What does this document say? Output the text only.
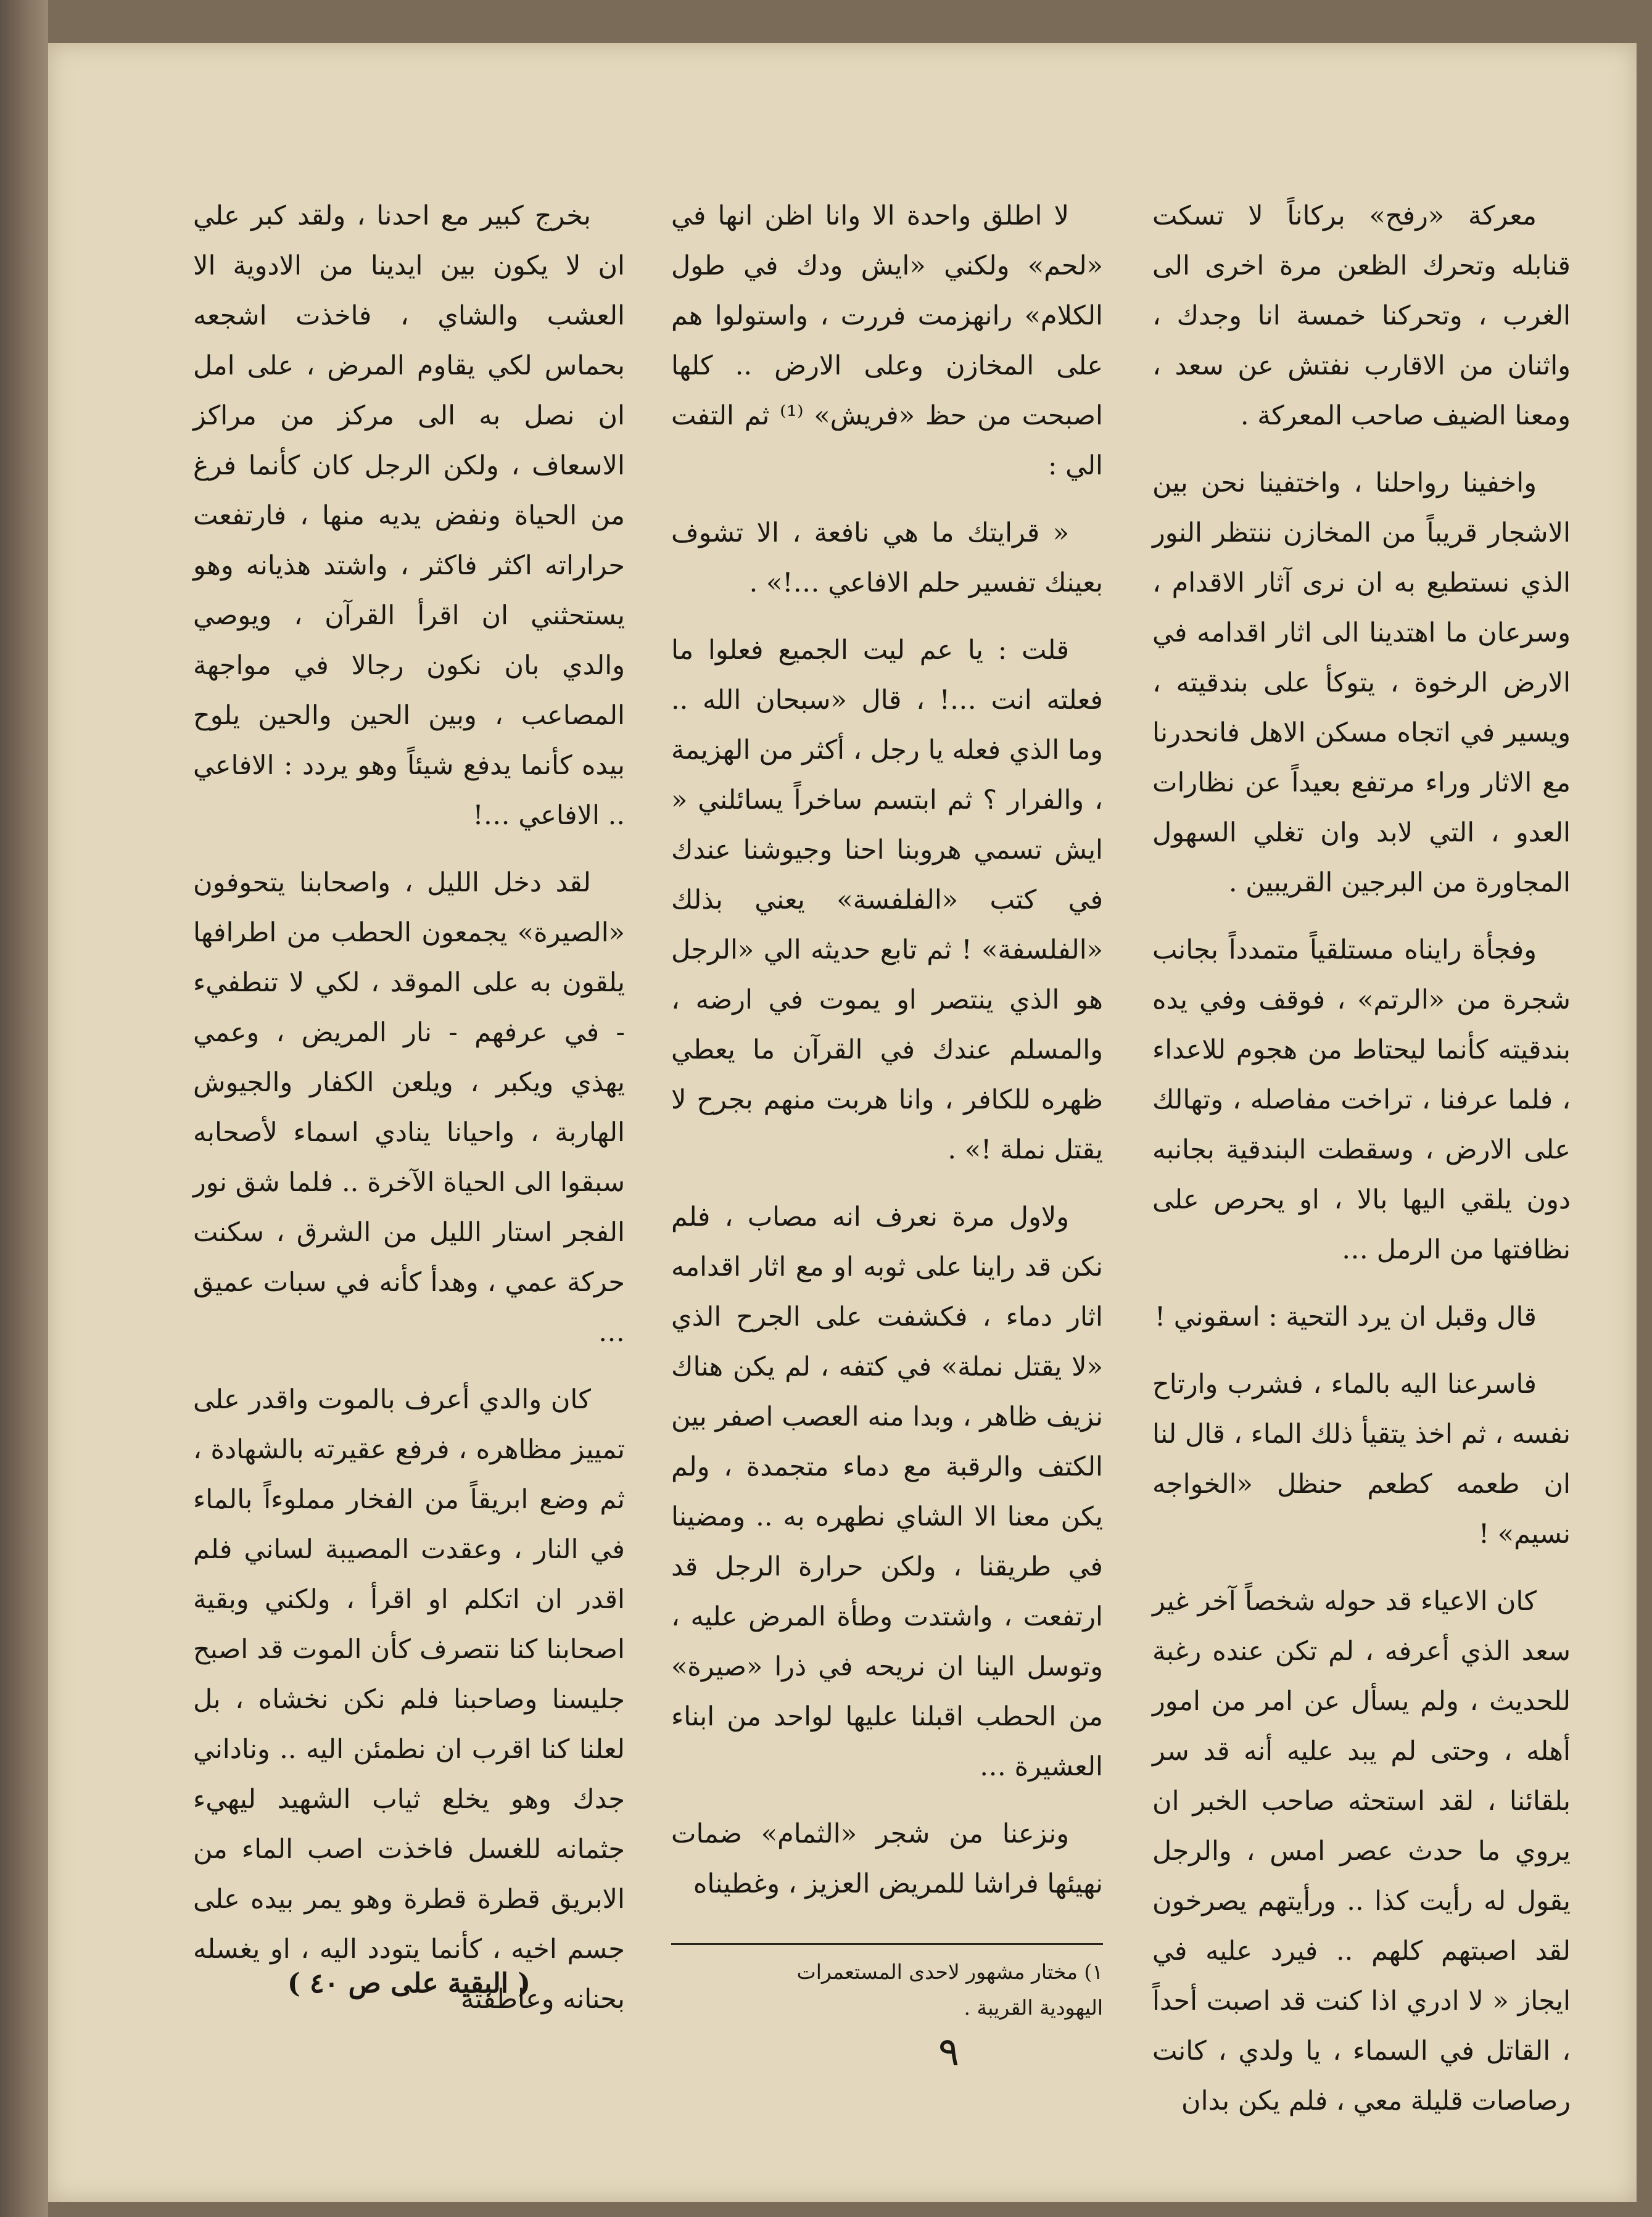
معركة «رفح» بركاناً لا تسكت قنابله وتحرك الظعن مرة اخرى الى الغرب ، وتحركنا خمسة انا وجدك ، واثنان من الاقارب نفتش عن سعد ، ومعنا الضيف صاحب المعركة .

واخفينا رواحلنا ، واختفينا نحن بين الاشجار قريباً من المخازن ننتظر النور الذي نستطيع به ان نرى آثار الاقدام ، وسرعان ما اهتدينا الى اثار اقدامه في الارض الرخوة ، يتوكأ على بندقيته ، ويسير في اتجاه مسكن الاهل فانحدرنا مع الاثار وراء مرتفع بعيداً عن نظارات العدو ، التي لابد وان تغلي السهول المجاورة من البرجين القريبين .

وفجأة رايناه مستلقياً متمدداً بجانب شجرة من «الرتم» ، فوقف وفي يده بندقيته كأنما ليحتاط من هجوم للاعداء ، فلما عرفنا ، تراخت مفاصله ، وتهالك على الارض ، وسقطت البندقية بجانبه دون يلقي اليها بالا ، او يحرص على نظافتها من الرمل …

قال وقبل ان يرد التحية : اسقوني !

فاسرعنا اليه بالماء ، فشرب وارتاح نفسه ، ثم اخذ يتقيأ ذلك الماء ، قال لنا ان طعمه كطعم حنظل «الخواجه نسيم» !

كان الاعياء قد حوله شخصاً آخر غير سعد الذي أعرفه ، لم تكن عنده رغبة للحديث ، ولم يسأل عن امر من امور أهله ، وحتى لم يبد عليه أنه قد سر بلقائنا ، لقد استحثه صاحب الخبر ان يروي ما حدث عصر امس ، والرجل يقول له رأيت كذا .. ورأيتهم يصرخون لقد اصبتهم كلهم .. فيرد عليه في ايجاز « لا ادري اذا كنت قد اصبت أحداً ، القاتل في السماء ، يا ولدي ، كانت رصاصات قليلة معي ، فلم يكن بدان

لا اطلق واحدة الا وانا اظن انها في «لحم» ولكني «ايش ودك في طول الكلام» رانهزمت فررت ، واستولوا هم على المخازن وعلى الارض .. كلها اصبحت من حظ «فريش» ⁽¹⁾ ثم التفت الي :

« قرايتك ما هي نافعة ، الا تشوف بعينك تفسير حلم الافاعي …!» .

قلت : يا عم ليت الجميع فعلوا ما فعلته انت …! ، قال «سبحان الله .. وما الذي فعله يا رجل ، أكثر من الهزيمة ، والفرار ؟ ثم ابتسم ساخراً يسائلني « ايش تسمي هروبنا احنا وجيوشنا عندك في كتب «الفلفسة» يعني بذلك «الفلسفة» ! ثم تابع حديثه الي «الرجل هو الذي ينتصر او يموت في ارضه ، والمسلم عندك في القرآن ما يعطي ظهره للكافر ، وانا هربت منهم بجرح لا يقتل نملة !» .

ولاول مرة نعرف انه مصاب ، فلم نكن قد راينا على ثوبه او مع اثار اقدامه اثار دماء ، فكشفت على الجرح الذي «لا يقتل نملة» في كتفه ، لم يكن هناك نزيف ظاهر ، وبدا منه العصب اصفر بين الكتف والرقبة مع دماء متجمدة ، ولم يكن معنا الا الشاي نطهره به .. ومضينا في طريقنا ، ولكن حرارة الرجل قد ارتفعت ، واشتدت وطأة المرض عليه ، وتوسل الينا ان نريحه في ذرا «صيرة» من الحطب اقبلنا عليها لواحد من ابناء العشيرة …

ونزعنا من شجر «الثمام» ضمات نهيئها فراشا للمريض العزيز ، وغطيناه

بخرج كبير مع احدنا ، ولقد كبر علي ان لا يكون بين ايدينا من الادوية الا العشب والشاي ، فاخذت اشجعه بحماس لكي يقاوم المرض ، على امل ان نصل به الى مركز من مراكز الاسعاف ، ولكن الرجل كان كأنما فرغ من الحياة ونفض يديه منها ، فارتفعت حراراته اكثر فاكثر ، واشتد هذيانه وهو يستحثني ان اقرأ القرآن ، ويوصي والدي بان نكون رجالا في مواجهة المصاعب ، وبين الحين والحين يلوح بيده كأنما يدفع شيئاً وهو يردد : الافاعي .. الافاعي …!

لقد دخل الليل ، واصحابنا يتحوفون «الصيرة» يجمعون الحطب من اطرافها يلقون به على الموقد ، لكي لا تنطفيء - في عرفهم - نار المريض ، وعمي يهذي ويكبر ، ويلعن الكفار والجيوش الهاربة ، واحيانا ينادي اسماء لأصحابه سبقوا الى الحياة الآخرة .. فلما شق نور الفجر استار الليل من الشرق ، سكنت حركة عمي ، وهدأ كأنه في سبات عميق …

كان والدي أعرف بالموت واقدر على تمييز مظاهره ، فرفع عقيرته بالشهادة ، ثم وضع ابريقاً من الفخار مملوءاً بالماء في النار ، وعقدت المصيبة لساني فلم اقدر ان اتكلم او اقرأ ، ولكني وبقية اصحابنا كنا نتصرف كأن الموت قد اصبح جليسنا وصاحبنا فلم نكن نخشاه ، بل لعلنا كنا اقرب ان نطمئن اليه .. وناداني جدك وهو يخلع ثياب الشهيد ليهيء جثمانه للغسل فاخذت اصب الماء من الابريق قطرة قطرة وهو يمر بيده على جسم اخيه ، كأنما يتودد اليه ، او يغسله بحنانه وعاطفته

١) مختار مشهور لاحدى المستعمرات
اليهودية القريبة .
( البقية على ص ٤٠ )
٩
